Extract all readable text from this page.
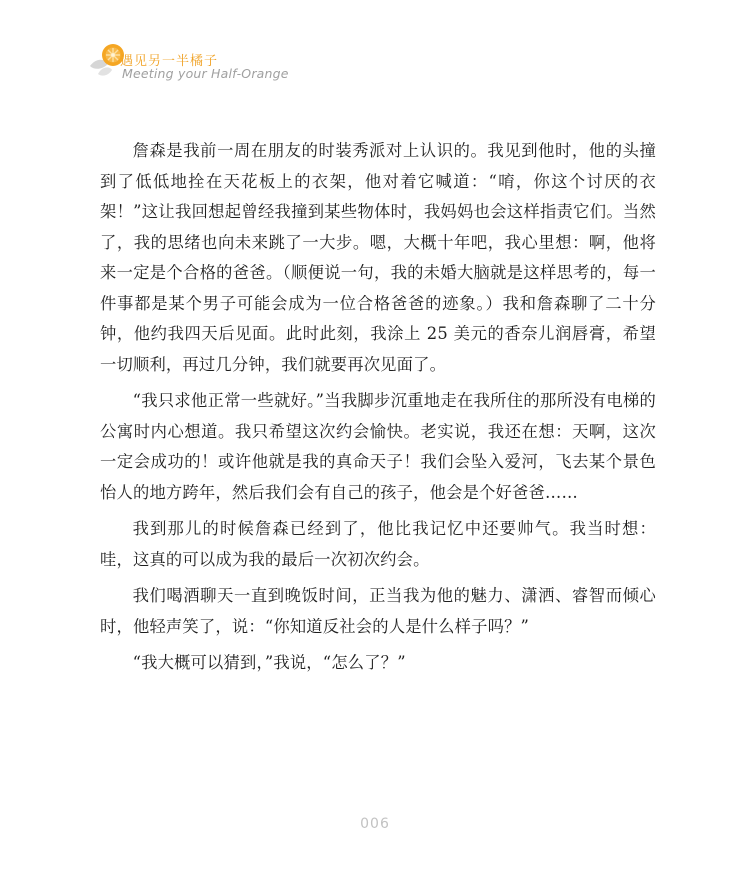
遇见另一半橘子
Meeting your Half-Orange

詹森是我前一周在朋友的时装秀派对上认识的。我见到他时，他的头撞到了低低地拴在天花板上的衣架，他对着它喊道：“唷，你这个讨厌的衣架！”这让我回想起曾经我撞到某些物体时，我妈妈也会这样指责它们。当然了，我的思绪也向未来跳了一大步。嗯，大概十年吧，我心里想：啊，他将来一定是个合格的爸爸。（顺便说一句，我的未婚大脑就是这样思考的，每一件事都是某个男子可能会成为一位合格爸爸的迹象。）我和詹森聊了二十分钟，他约我四天后见面。此时此刻，我涂上 25 美元的香奈儿润唇膏，希望一切顺利，再过几分钟，我们就要再次见面了。

“我只求他正常一些就好。”当我脚步沉重地走在我所住的那所没有电梯的公寓时内心想道。我只希望这次约会愉快。老实说，我还在想：天啊，这次一定会成功的！或许他就是我的真命天子！我们会坠入爱河，飞去某个景色怡人的地方跨年，然后我们会有自己的孩子，他会是个好爸爸……

我到那儿的时候詹森已经到了，他比我记忆中还要帅气。我当时想：哇，这真的可以成为我的最后一次初次约会。

我们喝酒聊天一直到晚饭时间，正当我为他的魅力、潇洒、睿智而倾心时，他轻声笑了，说：“你知道反社会的人是什么样子吗？”

“我大概可以猜到，”我说，“怎么了？”

006
